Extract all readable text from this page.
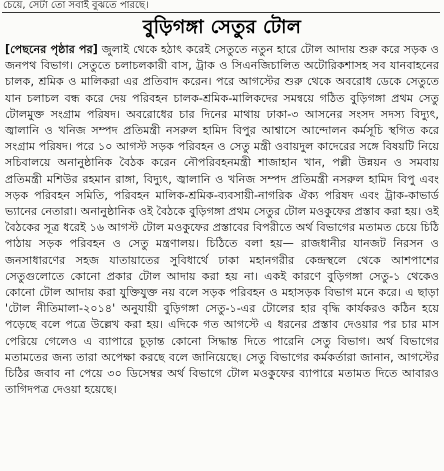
চেয়ে, সেটা তো সবাই বুঝতে পারছে।
বুড়িগঙ্গা সেতুর টোল
[পেছনের পৃষ্ঠার পর] জুলাই থেকে হঠাৎ করেই সেতুতে নতুন হারে টোল আদায় শুরু করে সড়ক ও জনপথ বিভাগ। সেতুতে চলাচলকারী বাস, ট্রাক ও সিএনজিচালিত অটোরিকশাসহ সব যানবাহনের চালক, শ্রমিক ও মালিকরা এর প্রতিবাদ করেন। পরে আগস্টের শুরু থেকে অবরোধ ডেকে সেতুতে যান চলাচল বন্ধ করে দেয় পরিবহন চালক-শ্রমিক-মালিকদের সমন্বয়ে গঠিত বুড়িগঙ্গা প্রথম সেতু টোলমুক্ত সংগ্রাম পরিষদ। অবরোধের চার দিনের মাথায় ঢাকা-৩ আসনের সংসদ সদস্য বিদ্যুৎ, জ্বালানি ও খনিজ সম্পদ প্রতিমন্ত্রী নসরুল হামিদ বিপুর আশ্বাসে আন্দোলন কর্মসূচি স্থগিত করে সংগ্রাম পরিষদ। পরে ১০ আগস্ট সড়ক পরিবহন ও সেতু মন্ত্রী ওবায়দুল কাদেরের সঙ্গে বিষয়টি নিয়ে সচিবালয়ে অনানুষ্ঠানিক বৈঠক করেন নৌপরিবহনমন্ত্রী শাজাহান খান, পল্লী উন্নয়ন ও সমবায় প্রতিমন্ত্রী মশিউর রহমান রাঙ্গা, বিদ্যুৎ, জ্বালানি ও খনিজ সম্পদ প্রতিমন্ত্রী নসরুল হামিদ বিপু এবং সড়ক পরিবহন সমিতি, পরিবহন মালিক-শ্রমিক-ব্যবসায়ী-নাগরিক ঐক্য পরিষদ এবং ট্রাক-কাভার্ড ভ্যানের নেতারা। অনানুষ্ঠানিক ওই বৈঠকে বুড়িগঙ্গা প্রথম সেতুর টোল মওকুফের প্রস্তাব করা হয়। ওই বৈঠকের সূত্র ধরেই ১৬ আগস্ট টোল মওকুফের প্রস্তাবের বিপরীতে অর্থ বিভাগের মতামত চেয়ে চিঠি পাঠায় সড়ক পরিবহন ও সেতু মন্ত্রণালয়। চিঠিতে বলা হয়— রাজধানীর যানজট নিরসন ও জনসাধারণের সহজ যাতায়াতের সুবিধার্থে ঢাকা মহানগরীর কেন্দ্রস্থলে থেকে আশপাশের সেতুগুলোতে কোনো প্রকার টোল আদায় করা হয় না। একই কারণে বুড়িগঙ্গা সেতু-১ থেকেও কোনো টোল আদায় করা যুক্তিযুক্ত নয় বলে সড়ক পরিবহন ও মহাসড়ক বিভাগ মনে করে। এ ছাড়া 'টোল নীতিমালা-২০১৪' অনুযায়ী বুড়িগঙ্গা সেতু-১-এর টোলের হার বৃদ্ধি কার্যকরও কঠিন হয়ে পড়েছে বলে পত্রে উল্লেখ করা হয়। এদিকে গত আগস্টে এ ধরনের প্রস্তাব দেওয়ার পর চার মাস পেরিয়ে গেলেও এ ব্যাপারে চূড়ান্ত কোনো সিদ্ধান্ত দিতে পারেনি সেতু বিভাগ। অর্থ বিভাগের মতামতের জন্য তারা অপেক্ষা করছে বলে জানিয়েছে। সেতু বিভাগের কর্মকর্তারা জানান, আগস্টের চিঠির জবাব না পেয়ে ৩০ ডিসেম্বর অর্থ বিভাগে টোল মওকুফের ব্যাপারে মতামত দিতে আবারও তাগিদপত্র দেওয়া হয়েছে।
